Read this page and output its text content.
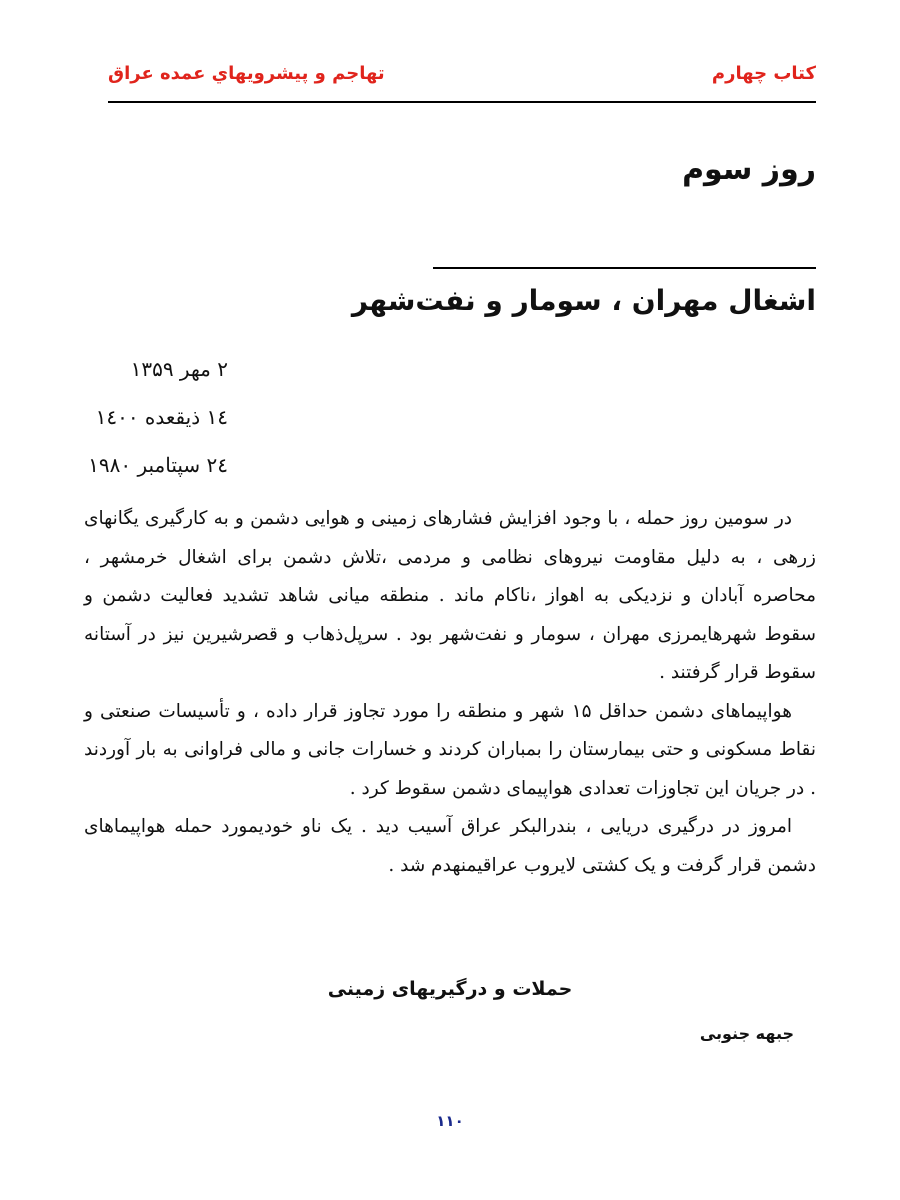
کتاب چهارم
تهاجم و پیشرویهاي عمده عراق
روز سوم
اشغال مهران ، سومار و نفت‌شهر
۲ مهر ۱۳۵۹
١٤ ذیقعده ١٤٠٠
٢٤ سپتامبر ١٩٨٠

در سومین روز حمله ، با وجود افزایش فشارهای زمینی و هوایی دشمن و به کارگیری یگانهای زرهی ، به دلیل مقاومت نیروهای نظامی و مردمی ،تلاش دشمن برای اشغال خرمشهر ، محاصره آبادان و نزدیکی به اهواز ،ناکام ماند . منطقه میانی شاهد تشدید فعالیت دشمن و سقوط شهرهایمرزی مهران ، سومار و نفت‌شهر بود . سرپل‌ذهاب و قصرشیرین نیز در آستانه سقوط قرار گرفتند .

هواپیماهای دشمن حداقل ۱۵ شهر و منطقه را مورد تجاوز قرار داده ، و تأسیسات صنعتی و نقاط مسکونی و حتی بیمارستان را بمباران کردند و خسارات جانی و مالی فراوانی به بار آوردند . در جریان این تجاوزات تعدادی هواپیمای دشمن سقوط کرد .

امروز در درگیری دریایی ، بندرالبکر عراق آسیب دید . یک ناو خودیمورد حمله هواپیماهای دشمن قرار گرفت و یک کشتی لایروب عراقیمنهدم شد .

حملات و درگیریهای زمینی
جبهه جنوبی
١١٠
